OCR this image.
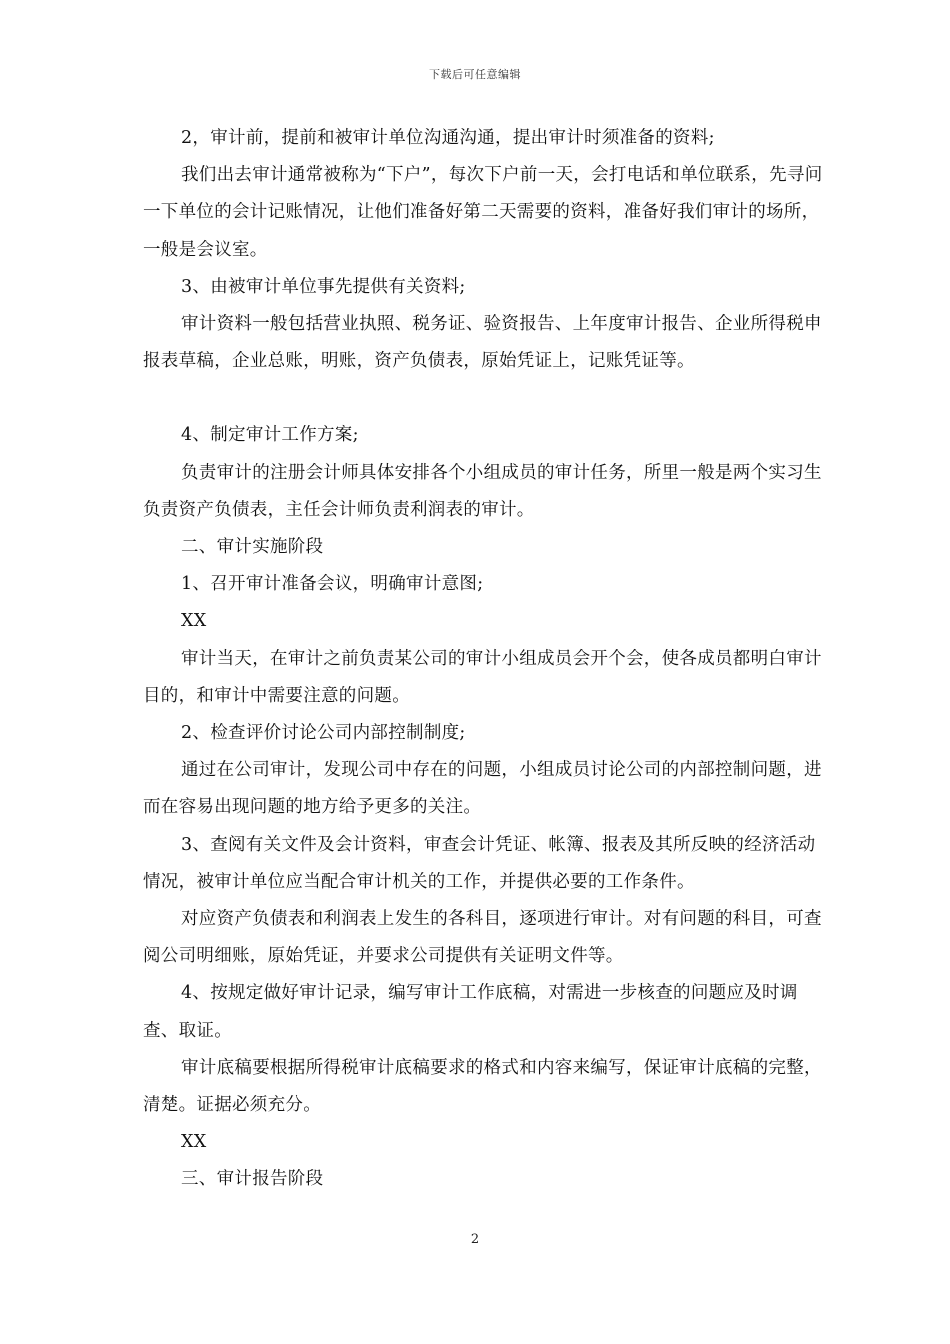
下载后可任意编辑

2，审计前，提前和被审计单位沟通沟通，提出审计时须准备的资料;

我们出去审计通常被称为“下户”，每次下户前一天，会打电话和单位联系，先寻问一下单位的会计记账情况，让他们准备好第二天需要的资料，准备好我们审计的场所，一般是会议室。

3、由被审计单位事先提供有关资料;

审计资料一般包括营业执照、税务证、验资报告、上年度审计报告、企业所得税申报表草稿，企业总账，明账，资产负债表，原始凭证上，记账凭证等。

4、制定审计工作方案;

负责审计的注册会计师具体安排各个小组成员的审计任务，所里一般是两个实习生负责资产负债表，主任会计师负责利润表的审计。

二、审计实施阶段

1、召开审计准备会议，明确审计意图;

XX

审计当天，在审计之前负责某公司的审计小组成员会开个会，使各成员都明白审计目的，和审计中需要注意的问题。

2、检查评价讨论公司内部控制制度;

通过在公司审计，发现公司中存在的问题，小组成员讨论公司的内部控制问题，进而在容易出现问题的地方给予更多的关注。

3、查阅有关文件及会计资料，审查会计凭证、帐簿、报表及其所反映的经济活动情况，被审计单位应当配合审计机关的工作，并提供必要的工作条件。

对应资产负债表和利润表上发生的各科目，逐项进行审计。对有问题的科目，可查阅公司明细账，原始凭证，并要求公司提供有关证明文件等。

4、按规定做好审计记录，编写审计工作底稿，对需进一步核查的问题应及时调查、取证。

审计底稿要根据所得税审计底稿要求的格式和内容来编写，保证审计底稿的完整，清楚。证据必须充分。

XX

三、审计报告阶段

2
